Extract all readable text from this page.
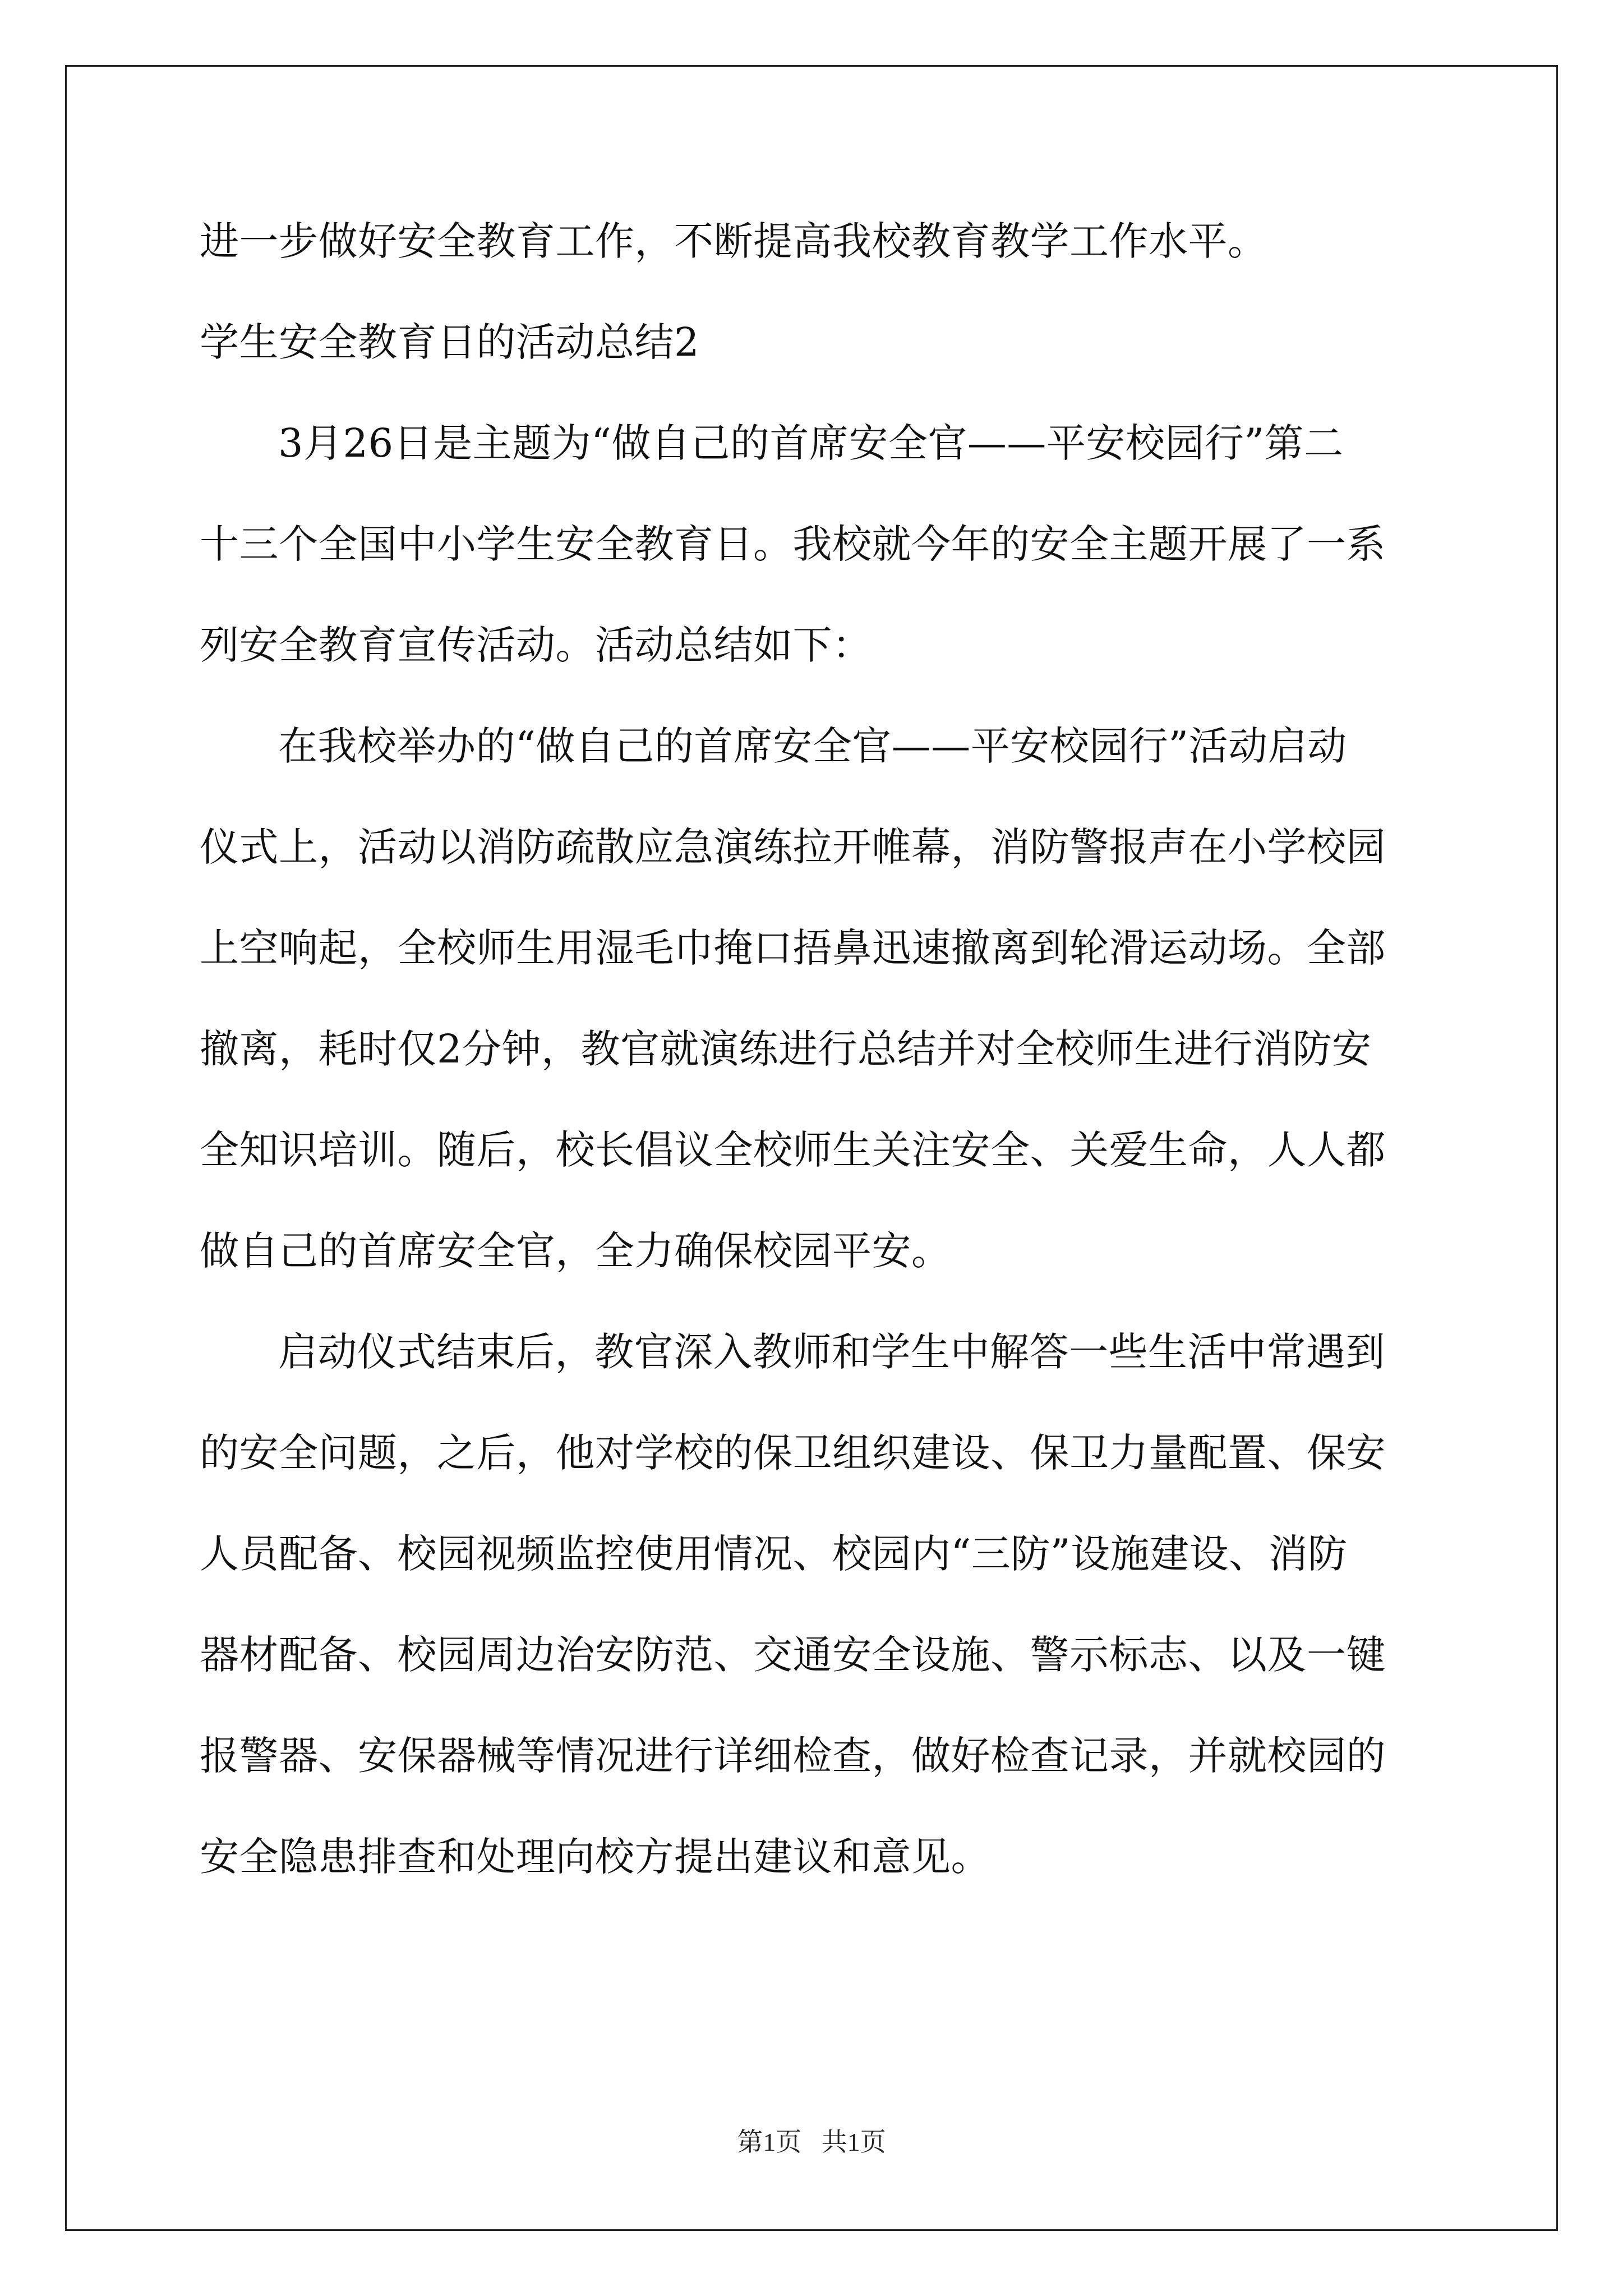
进一步做好安全教育工作，不断提高我校教育教学工作水平。

学生安全教育日的活动总结2

3月26日是主题为“做自己的首席安全官——平安校园行”第二

十三个全国中小学生安全教育日。我校就今年的安全主题开展了一系

列安全教育宣传活动。活动总结如下：

在我校举办的“做自己的首席安全官——平安校园行”活动启动

仪式上，活动以消防疏散应急演练拉开帷幕，消防警报声在小学校园

上空响起，全校师生用湿毛巾掩口捂鼻迅速撤离到轮滑运动场。全部

撤离，耗时仅2分钟，教官就演练进行总结并对全校师生进行消防安

全知识培训。随后，校长倡议全校师生关注安全、关爱生命，人人都

做自己的首席安全官，全力确保校园平安。

启动仪式结束后，教官深入教师和学生中解答一些生活中常遇到

的安全问题，之后，他对学校的保卫组织建设、保卫力量配置、保安

人员配备、校园视频监控使用情况、校园内“三防”设施建设、消防

器材配备、校园周边治安防范、交通安全设施、警示标志、以及一键

报警器、安保器械等情况进行详细检查，做好检查记录，并就校园的

安全隐患排查和处理向校方提出建议和意见。

第1页 共1页
